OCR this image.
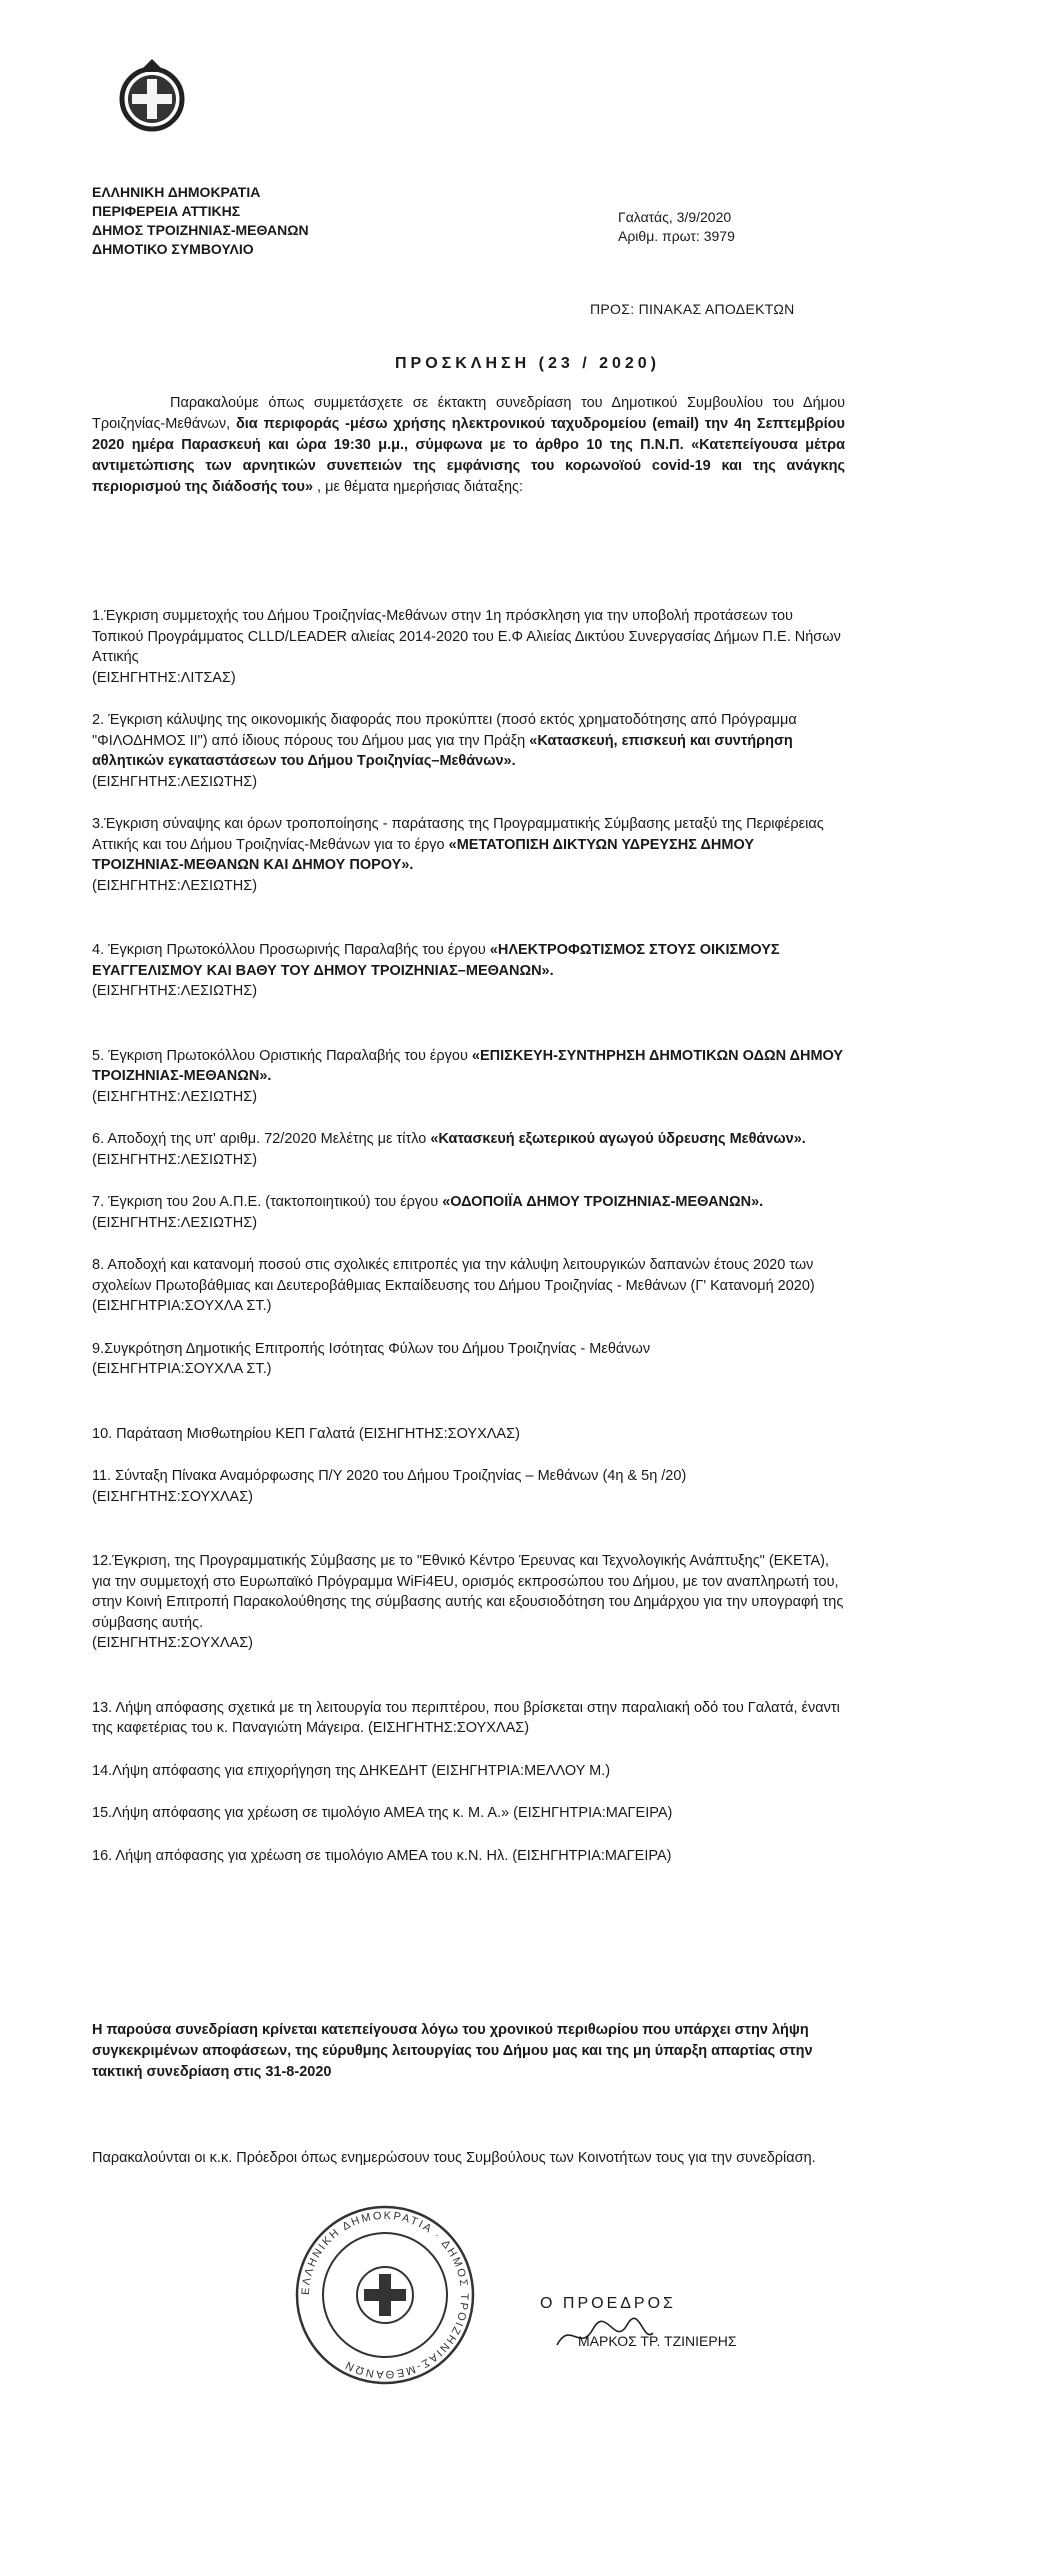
ΕΛΛΗΝΙΚΗ ΔΗΜΟΚΡΑΤΙΑ
ΠΕΡΙΦΕΡΕΙΑ ΑΤΤΙΚΗΣ
ΔΗΜΟΣ ΤΡΟΙΖΗΝΙΑΣ-ΜΕΘΑΝΩΝ
ΔΗΜΟΤΙΚΟ ΣΥΜΒΟΥΛΙΟ
Γαλατάς, 3/9/2020
Αριθμ. πρωτ: 3979
ΠΡΟΣ: ΠΙΝΑΚΑΣ ΑΠΟΔΕΚΤΩΝ
ΠΡΟΣΚΛΗΣΗ (23 / 2020)
Παρακαλούμε όπως συμμετάσχετε σε έκτακτη συνεδρίαση του Δημοτικού Συμβουλίου του Δήμου Τροιζηνίας-Μεθάνων, δια περιφοράς -μέσω χρήσης ηλεκτρονικού ταχυδρομείου (email) την 4η Σεπτεμβρίου 2020 ημέρα Παρασκευή και ώρα 19:30 μ.μ., σύμφωνα με το άρθρο 10 της Π.Ν.Π. «Κατεπείγουσα μέτρα αντιμετώπισης των αρνητικών συνεπειών της εμφάνισης του κορωνοϊού covid-19 και της ανάγκης περιορισμού της διάδοσής του» , με θέματα ημερήσιας διάταξης:
1.Έγκριση συμμετοχής του Δήμου Τροιζηνίας-Μεθάνων στην 1η πρόσκληση για την υποβολή προτάσεων του Τοπικού Προγράμματος CLLD/LEADER αλιείας 2014-2020 του Ε.Φ Αλιείας Δικτύου Συνεργασίας Δήμων Π.Ε. Νήσων Αττικής
(ΕΙΣΗΓΗΤΗΣ:ΛΙΤΣΑΣ)
2. Έγκριση κάλυψης της οικονομικής διαφοράς που προκύπτει (ποσό εκτός χρηματοδότησης από Πρόγραμμα "ΦΙΛΟΔΗΜΟΣ ΙΙ") από ίδιους πόρους του Δήμου μας για την Πράξη «Κατασκευή, επισκευή και συντήρηση αθλητικών εγκαταστάσεων του Δήμου Τροιζηνίας–Μεθάνων».
(ΕΙΣΗΓΗΤΗΣ:ΛΕΣΙΩΤΗΣ)
3.Έγκριση σύναψης και όρων τροποποίησης - παράτασης της Προγραμματικής Σύμβασης μεταξύ της Περιφέρειας Αττικής και του Δήμου Τροιζηνίας-Μεθάνων για το έργο «ΜΕΤΑΤΟΠΙΣΗ ΔΙΚΤΥΩΝ ΥΔΡΕΥΣΗΣ ΔΗΜΟΥ ΤΡΟΙΖΗΝΙΑΣ-ΜΕΘΑΝΩΝ ΚΑΙ ΔΗΜΟΥ ΠΟΡΟΥ».
(ΕΙΣΗΓΗΤΗΣ:ΛΕΣΙΩΤΗΣ)
4. Έγκριση Πρωτοκόλλου Προσωρινής Παραλαβής του έργου «ΗΛΕΚΤΡΟΦΩΤΙΣΜΟΣ ΣΤΟΥΣ ΟΙΚΙΣΜΟΥΣ ΕΥΑΓΓΕΛΙΣΜΟΥ ΚΑΙ ΒΑΘΥ ΤΟΥ ΔΗΜΟΥ ΤΡΟΙΖΗΝΙΑΣ–ΜΕΘΑΝΩΝ».
(ΕΙΣΗΓΗΤΗΣ:ΛΕΣΙΩΤΗΣ)
5. Έγκριση Πρωτοκόλλου Οριστικής Παραλαβής του έργου «ΕΠΙΣΚΕΥΗ-ΣΥΝΤΗΡΗΣΗ ΔΗΜΟΤΙΚΩΝ ΟΔΩΝ ΔΗΜΟΥ ΤΡΟΙΖΗΝΙΑΣ-ΜΕΘΑΝΩΝ».
(ΕΙΣΗΓΗΤΗΣ:ΛΕΣΙΩΤΗΣ)
6. Αποδοχή της υπ' αριθμ. 72/2020 Μελέτης με τίτλο «Κατασκευή εξωτερικού αγωγού ύδρευσης Μεθάνων».
(ΕΙΣΗΓΗΤΗΣ:ΛΕΣΙΩΤΗΣ)
7. Έγκριση του 2ου Α.Π.Ε. (τακτοποιητικού) του έργου «ΟΔΟΠΟΙΪΑ ΔΗΜΟΥ ΤΡΟΙΖΗΝΙΑΣ-ΜΕΘΑΝΩΝ». (ΕΙΣΗΓΗΤΗΣ:ΛΕΣΙΩΤΗΣ)
8. Αποδοχή και κατανομή ποσού στις σχολικές επιτροπές για την κάλυψη λειτουργικών δαπανών έτους 2020 των σχολείων Πρωτοβάθμιας και Δευτεροβάθμιας Εκπαίδευσης του Δήμου Τροιζηνίας - Μεθάνων (Γ' Κατανομή 2020)
(ΕΙΣΗΓΗΤΡΙΑ:ΣΟΥΧΛΑ ΣΤ.)
9.Συγκρότηση Δημοτικής Επιτροπής Ισότητας Φύλων του Δήμου Τροιζηνίας - Μεθάνων
(ΕΙΣΗΓΗΤΡΙΑ:ΣΟΥΧΛΑ ΣΤ.)
10. Παράταση Μισθωτηρίου ΚΕΠ Γαλατά (ΕΙΣΗΓΗΤΗΣ:ΣΟΥΧΛΑΣ)
11. Σύνταξη Πίνακα Αναμόρφωσης Π/Υ 2020 του Δήμου Τροιζηνίας – Μεθάνων (4η & 5η /20)
(ΕΙΣΗΓΗΤΗΣ:ΣΟΥΧΛΑΣ)
12.Έγκριση, της Προγραμματικής Σύμβασης με το "Εθνικό Κέντρο Έρευνας και Τεχνολογικής Ανάπτυξης" (ΕΚΕΤΑ), για την συμμετοχή στο Ευρωπαϊκό Πρόγραμμα WiFi4EU, ορισμός εκπροσώπου του Δήμου, με τον αναπληρωτή του, στην Κοινή Επιτροπή Παρακολούθησης της σύμβασης αυτής και εξουσιοδότηση του Δημάρχου για την υπογραφή της σύμβασης αυτής.
(ΕΙΣΗΓΗΤΗΣ:ΣΟΥΧΛΑΣ)
13. Λήψη απόφασης σχετικά με τη λειτουργία του περιπτέρου, που βρίσκεται στην παραλιακή οδό του Γαλατά, έναντι της καφετέριας του κ. Παναγιώτη Μάγειρα. (ΕΙΣΗΓΗΤΗΣ:ΣΟΥΧΛΑΣ)
14.Λήψη απόφασης για επιχορήγηση της ΔΗΚΕΔΗΤ (ΕΙΣΗΓΗΤΡΙΑ:ΜΕΛΛΟΥ Μ.)
15.Λήψη απόφασης για χρέωση σε τιμολόγιο ΑΜΕΑ της κ. Μ. Α.» (ΕΙΣΗΓΗΤΡΙΑ:ΜΑΓΕΙΡΑ)
16. Λήψη απόφασης για χρέωση σε τιμολόγιο ΑΜΕΑ του κ.Ν. Ηλ. (ΕΙΣΗΓΗΤΡΙΑ:ΜΑΓΕΙΡΑ)
Η παρούσα συνεδρίαση κρίνεται κατεπείγουσα λόγω του χρονικού περιθωρίου που υπάρχει στην λήψη συγκεκριμένων αποφάσεων, της εύρυθμης λειτουργίας του Δήμου μας και της μη ύπαρξη απαρτίας στην τακτική συνεδρίαση στις 31-8-2020
Παρακαλούνται οι κ.κ. Πρόεδροι όπως ενημερώσουν τους Συμβούλους των Κοινοτήτων τους για την συνεδρίαση.
ΕΛΛΗΝΙΚΗ ΔΗΜΟΚΡΑΤΙΑ · ΔΗΜΟΣ ΤΡΟΙΖΗΝΙΑΣ-ΜΕΘΑΝΩΝ
Ο ΠΡΟΕΔΡΟΣ
ΜΑΡΚΟΣ ΤΡ. ΤΖΙΝΙΕΡΗΣ
